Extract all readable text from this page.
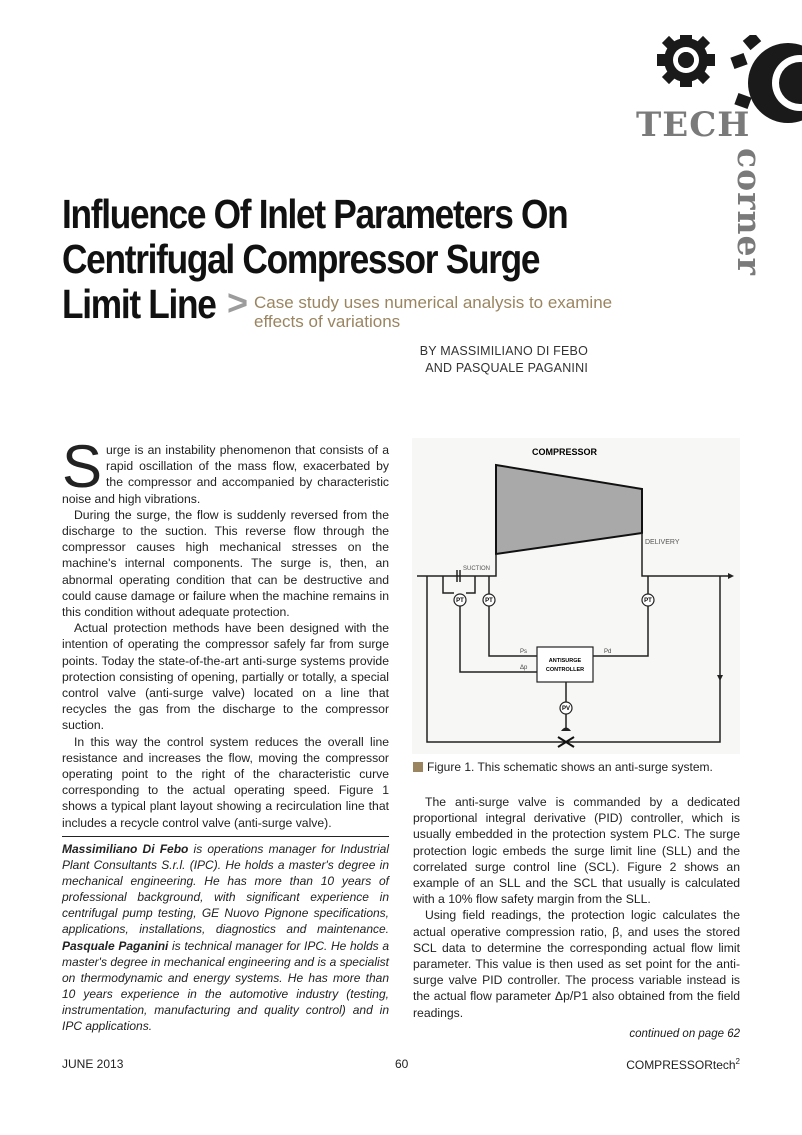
TECH
corner
Influence Of Inlet Parameters On
Centrifugal Compressor Surge
Limit Line > Case study uses numerical analysis to examine effects of variations
BY MASSIMILIANO DI FEBO
AND PASQUALE PAGANINI

Surge is an instability phenomenon that consists of a rapid oscillation of the mass flow, exacerbated by the compressor and accompanied by characteristic noise and high vibrations.

During the surge, the flow is suddenly reversed from the discharge to the suction. This reverse flow through the compressor causes high mechanical stresses on the machine's internal components. The surge is, then, an abnormal operating condition that can be destructive and could cause damage or failure when the machine remains in this condition without adequate protection.

Actual protection methods have been designed with the intention of operating the compressor safely far from surge points. Today the state-of-the-art anti-surge systems provide protection consisting of opening, partially or totally, a special control valve (anti-surge valve) located on a line that recycles the gas from the discharge to the compressor suction.

In this way the control system reduces the overall line resistance and increases the flow, moving the compressor operating point to the right of the characteristic curve corresponding to the actual operating speed. Figure 1 shows a typical plant layout showing a recirculation line that includes a recycle control valve (anti-surge valve).

Massimiliano Di Febo is operations manager for Industrial Plant Consultants S.r.l. (IPC). He holds a master's degree in mechanical engineering. He has more than 10 years of professional background, with significant experience in centrifugal pump testing, GE Nuovo Pignone specifications, applications, installations, diagnostics and maintenance. Pasquale Paganini is technical manager for IPC. He holds a master's degree in mechanical engineering and is a specialist on thermodynamic and energy systems. He has more than 10 years experience in the automotive industry (testing, instrumentation, manufacturing and quality control) and in IPC applications.
COMPRESSOR
DELIVERY
SUCTION
PT	PT	PT
PV
ANTISURGE
CONTROLLER
Ps
Δp
Pd
Figure 1. This schematic shows an anti-surge system.

The anti-surge valve is commanded by a dedicated proportional integral derivative (PID) controller, which is usually embedded in the protection system PLC. The surge protection logic embeds the surge limit line (SLL) and the correlated surge control line (SCL). Figure 2 shows an example of an SLL and the SCL that usually is calculated with a 10% flow safety margin from the SLL.

Using field readings, the protection logic calculates the actual operative compression ratio, β, and uses the stored SCL data to determine the corresponding actual flow limit parameter. This value is then used as set point for the anti-surge valve PID controller. The process variable instead is the actual flow parameter Δp/P1 also obtained from the field readings.

continued on page 62
JUNE 2013	60	COMPRESSORtech$^2$
